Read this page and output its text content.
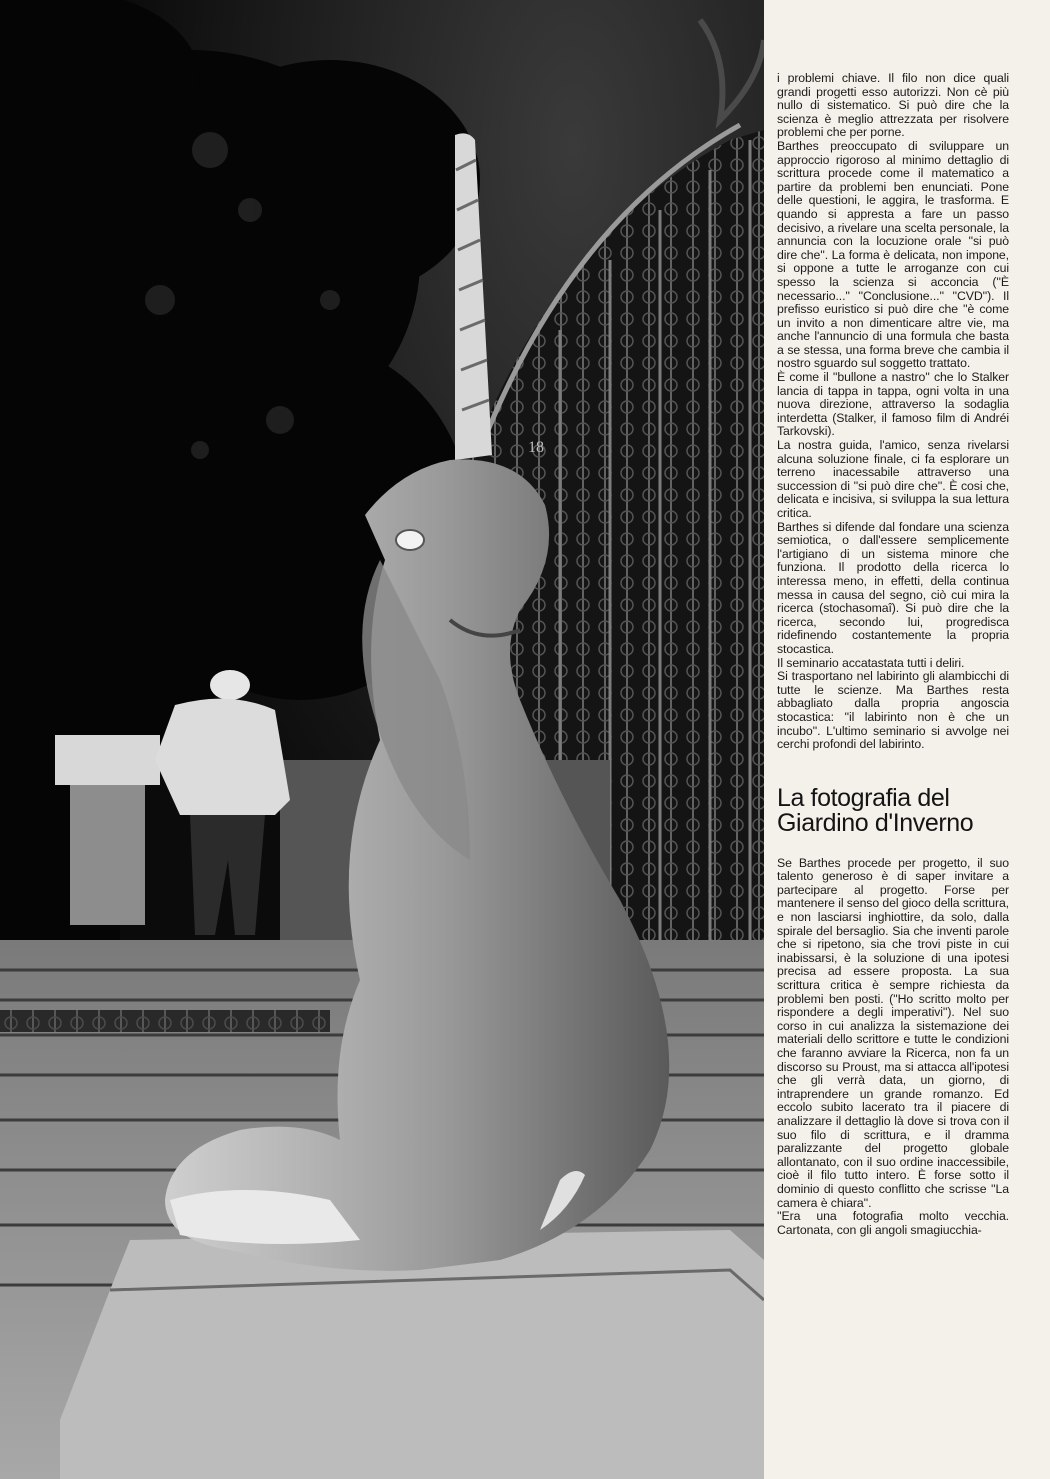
18

i problemi chiave. Il filo non dice quali grandi progetti esso autorizzi. Non cè più nullo di sistematico. Si può dire che la scienza è meglio attrezzata per risolvere problemi che per porne.

Barthes preoccupato di sviluppare un approccio rigoroso al minimo dettaglio di scrittura procede come il matematico a partire da problemi ben enunciati. Pone delle questioni, le aggira, le trasforma. E quando si appresta a fare un passo decisivo, a rivelare una scelta personale, la annuncia con la locuzione orale ''si può dire che''. La forma è delicata, non impone, si oppone a tutte le arroganze con cui spesso la scienza si acconcia (''È necessario...'' ''Conclusione...'' ''CVD''). Il prefisso euristico si può dire che ''è come un invito a non dimenticare altre vie, ma anche l'annuncio di una formula che basta a se stessa, una forma breve che cambia il nostro sguardo sul soggetto trattato.

È come il ''bullone a nastro'' che lo Stalker lancia di tappa in tappa, ogni volta in una nuova direzione, attraverso la sodaglia interdetta (Stalker, il famoso film di Andréi Tarkovski).

La nostra guida, l'amico, senza rivelarsi alcuna soluzione finale, ci fa esplorare un terreno inacessabile attraverso una succession di ''si può dire che''. È cosi che, delicata e incisiva, si sviluppa la sua lettura critica.

Barthes si difende dal fondare una scienza semiotica, o dall'essere semplicemente l'artigiano di un sistema minore che funziona. Il prodotto della ricerca lo interessa meno, in effetti, della continua messa in causa del segno, ciò cui mira la ricerca (stochasomaî). Si può dire che la ricerca, secondo lui, progredisca ridefinendo costantemente la propria stocastica.

Il seminario accatastata tutti i deliri.

Si trasportano nel labirinto gli alambicchi di tutte le scienze. Ma Barthes resta abbagliato dalla propria angoscia stocastica: ''il labirinto non è che un incubo''. L'ultimo seminario si avvolge nei cerchi profondi del labirinto.

La fotografia del Giardino d'Inverno

Se Barthes procede per progetto, il suo talento generoso è di saper invitare a partecipare al progetto. Forse per mantenere il senso del gioco della scrittura, e non lasciarsi inghiottire, da solo, dalla spirale del bersaglio. Sia che inventi parole che si ripetono, sia che trovi piste in cui inabissarsi, è la soluzione di una ipotesi precisa ad essere proposta. La sua scrittura critica è sempre richiesta da problemi ben posti. (''Ho scritto molto per rispondere a degli imperativi''). Nel suo corso in cui analizza la sistemazione dei materiali dello scrittore e tutte le condizioni che faranno avviare la Ricerca, non fa un discorso su Proust, ma si attacca all'ipotesi che gli verrà data, un giorno, di intraprendere un grande romanzo. Ed eccolo subito lacerato tra il piacere di analizzare il dettaglio là dove si trova con il suo filo di scrittura, e il dramma paralizzante del progetto globale allontanato, con il suo ordine inaccessibile, cioè il filo tutto intero. È forse sotto il dominio di questo conflitto che scrisse ''La camera è chiara''.

''Era una fotografia molto vecchia. Cartonata, con gli angoli smagiucchia-
